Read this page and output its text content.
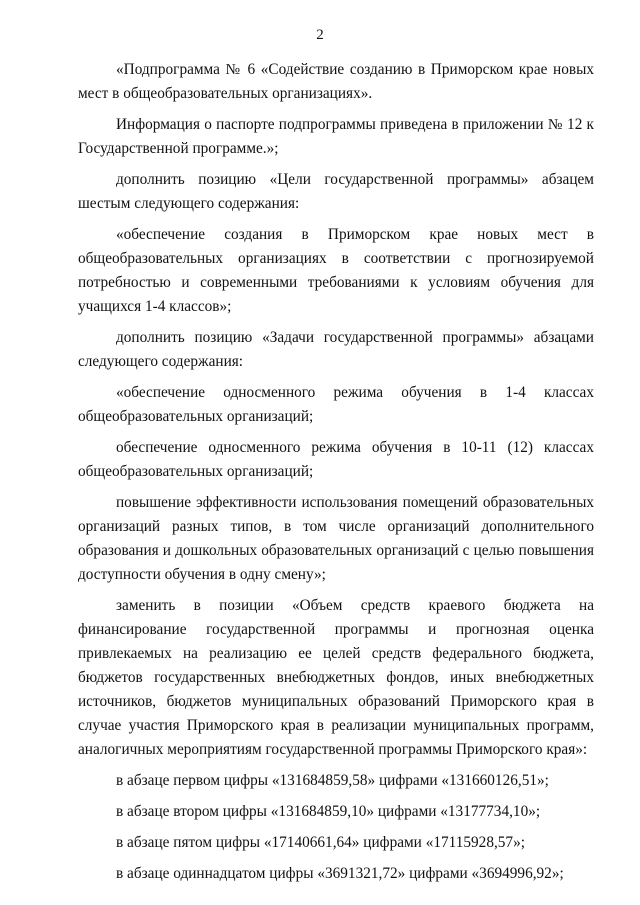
2

«Подпрограмма № 6 «Содействие созданию в Приморском крае новых мест в общеобразовательных организациях».

Информация о паспорте подпрограммы приведена в приложении № 12 к Государственной программе.»;

дополнить позицию «Цели государственной программы» абзацем шестым следующего содержания:

«обеспечение создания в Приморском крае новых мест в общеобразовательных организациях в соответствии с прогнозируемой потребностью и современными требованиями к условиям обучения для учащихся 1-4 классов»;

дополнить позицию «Задачи государственной программы» абзацами следующего содержания:

«обеспечение односменного режима обучения в 1-4 классах общеобразовательных организаций;

обеспечение односменного режима обучения в 10-11 (12) классах общеобразовательных организаций;

повышение эффективности использования помещений образовательных организаций разных типов, в том числе организаций дополнительного образования и дошкольных образовательных организаций с целью повышения доступности обучения в одну смену»;

заменить в позиции «Объем средств краевого бюджета на финансирование государственной программы и прогнозная оценка привлекаемых на реализацию ее целей средств федерального бюджета, бюджетов государственных внебюджетных фондов, иных внебюджетных источников, бюджетов муниципальных образований Приморского края в случае участия Приморского края в реализации муниципальных программ, аналогичных мероприятиям государственной программы Приморского края»:

в абзаце первом цифры «131684859,58» цифрами «131660126,51»;

в абзаце втором цифры «131684859,10» цифрами «13177734,10»;

в абзаце пятом цифры «17140661,64» цифрами «17115928,57»;

в абзаце одиннадцатом цифры «3691321,72» цифрами «3694996,92»;
